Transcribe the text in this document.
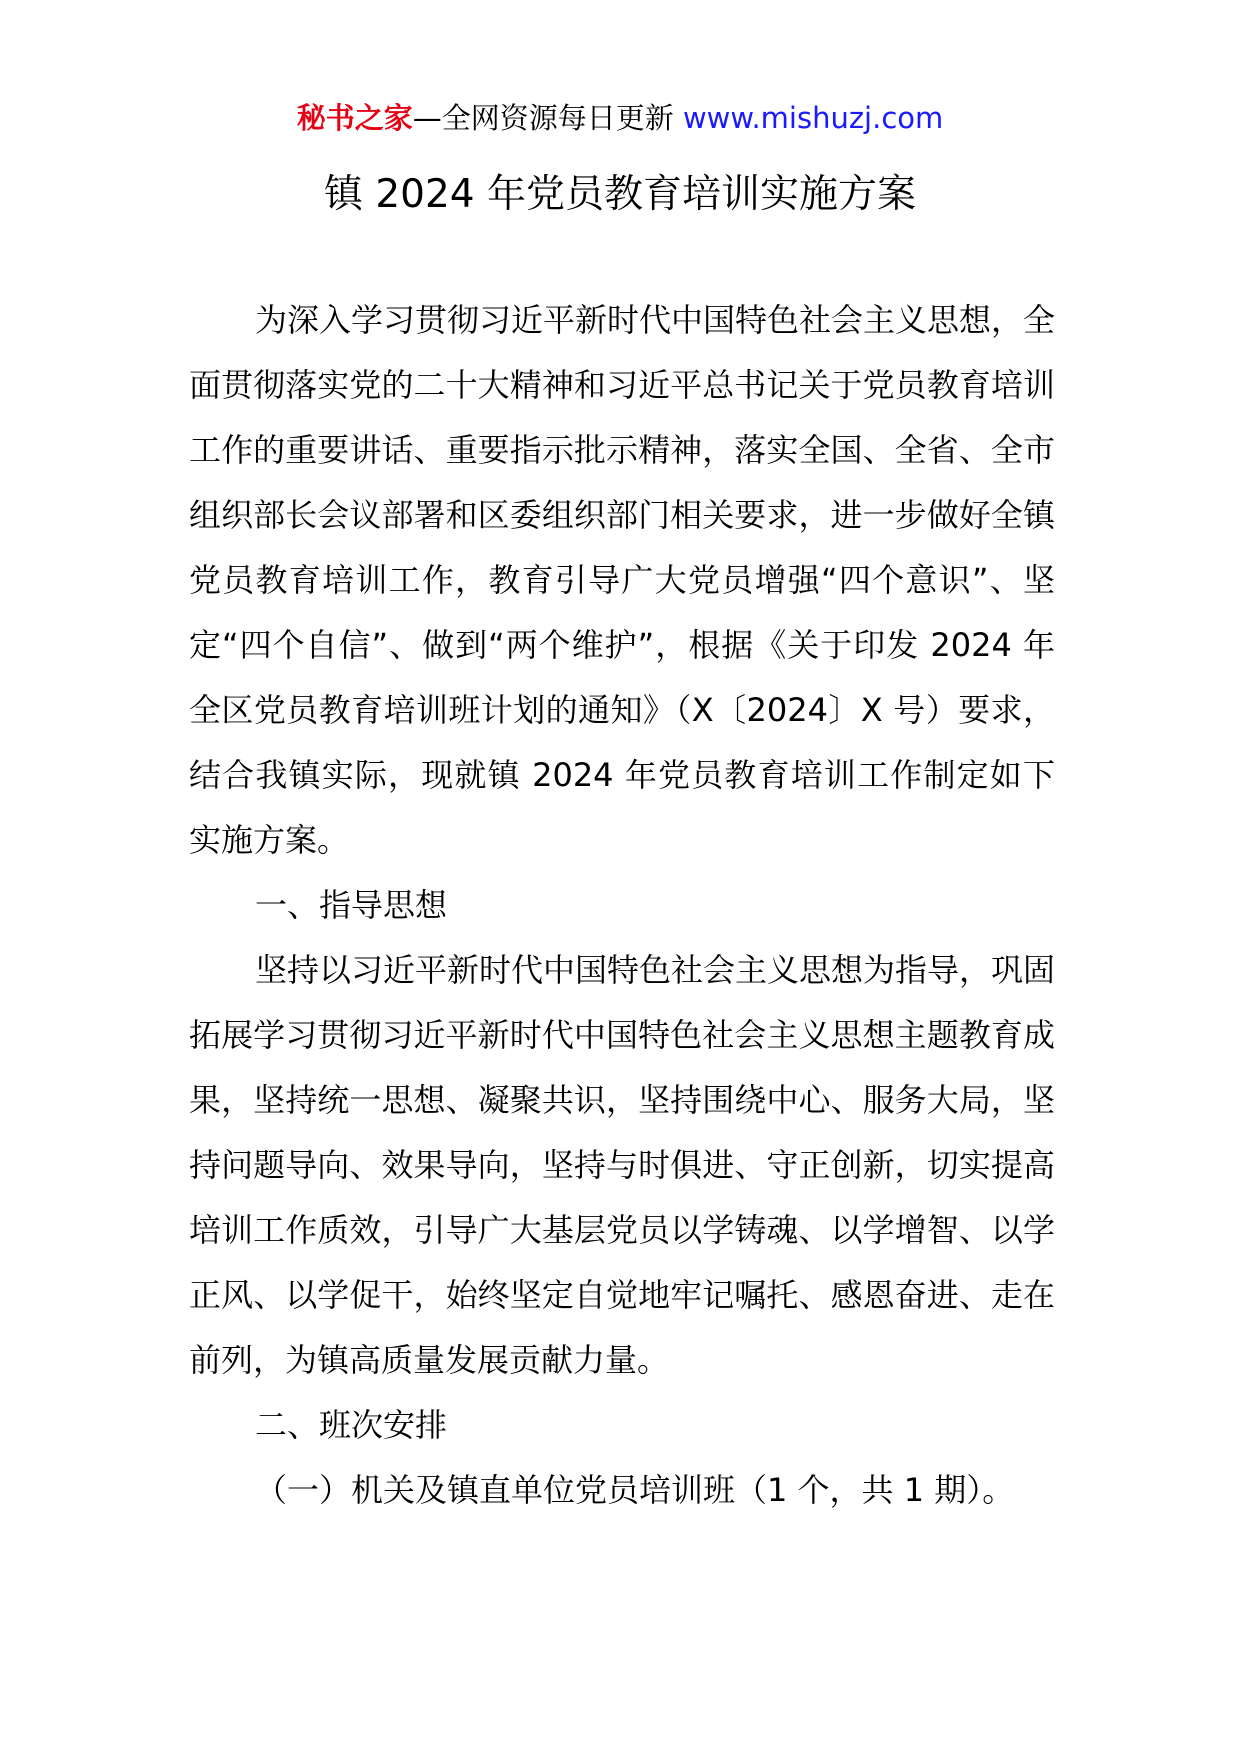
秘书之家—全网资源每日更新 www.mishuzj.com
镇 2024 年党员教育培训实施方案

为深入学习贯彻习近平新时代中国特色社会主义思想，全面贯彻落实党的二十大精神和习近平总书记关于党员教育培训工作的重要讲话、重要指示批示精神，落实全国、全省、全市组织部长会议部署和区委组织部门相关要求，进一步做好全镇党员教育培训工作，教育引导广大党员增强“四个意识”、坚定“四个自信”、做到“两个维护”，根据《关于印发 2024 年全区党员教育培训班计划的通知》（X〔2024〕X 号）要求，结合我镇实际，现就镇 2024 年党员教育培训工作制定如下实施方案。

一、指导思想

坚持以习近平新时代中国特色社会主义思想为指导，巩固拓展学习贯彻习近平新时代中国特色社会主义思想主题教育成果，坚持统一思想、凝聚共识，坚持围绕中心、服务大局，坚持问题导向、效果导向，坚持与时俱进、守正创新，切实提高培训工作质效，引导广大基层党员以学铸魂、以学增智、以学正风、以学促干，始终坚定自觉地牢记嘱托、感恩奋进、走在前列，为镇高质量发展贡献力量。

二、班次安排

（一）机关及镇直单位党员培训班（1 个，共 1 期）。
